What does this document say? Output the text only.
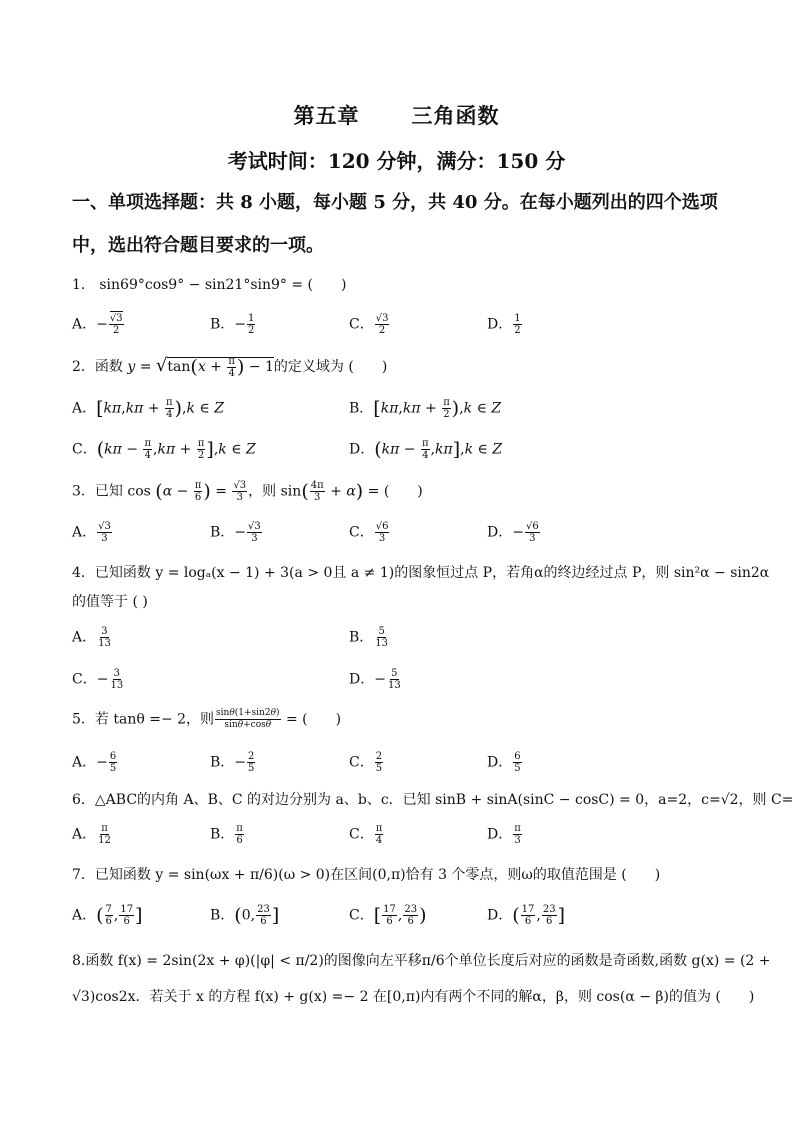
第五章 三角函数
考试时间：120 分钟，满分：150 分
一、单项选择题：共 8 小题，每小题 5 分，共 40 分。在每小题列出的四个选项
中，选出符合题目要求的一项。
1． sin69°cos9° − sin21°sin9° = (　　)
A．− $\frac{√3}{2}$	B．− $\frac{1}{2}$	C． $\frac{√3}{2}$	D． $\frac{1}{2}$
2．函数 $y = √\tan(x + \frac{\pi}{4}$ ) − 1的定义域为 (　　)
A．$[k\pi,k\pi + \frac{\pi}{4} ),k$ ∈ Z	B．$[k\pi,k\pi + \frac{\pi}{2} ),k$ ∈ Z
C．$(k\pi - \frac{\pi}{4} ,k\pi + \frac{\pi}{2} ],k$ ∈ Z	D．$(k\pi - \frac{\pi}{4} ,k\pi],k$ ∈ Z
3．已知 $\cos (\alpha - \frac{\pi}{6}$ ) = $\frac{√3}{3}$ ，则 $\sin( \frac{4\pi}{3} + \alpha)$ = (　　)
A． $\frac{√3}{3}$	B．− $\frac{√3}{3}$	C． $\frac{√6}{3}$	D．− $\frac{√6}{3}$
4．已知函数 y = logₐ(x − 1) + 3(a > 0且 a ≠ 1)的图象恒过点 P，若角α的终边经过点 P，则 sin²α − sin2α
的值等于 ( )
A． $\frac{3}{13}$	B． $\frac{5}{13}$
C．− $\frac{3}{13}$	D．− $\frac{5}{13}$
5．若 tanθ =− 2，则 $\frac{\sin\theta(1+\sin 2\theta)}{\sin\theta+\cos\theta}$ = (　　)
A．− $\frac{6}{5}$	B．− $\frac{2}{5}$	C． $\frac{2}{5}$	D． $\frac{6}{5}$
6．△ABC的内角 A、B、C 的对边分别为 a、b、c．已知 sinB + sinA(sinC − cosC) = 0，a=2，c=√2，则 C=
A． $\frac{\pi}{12}$	B． $\frac{\pi}{6}$	C． $\frac{\pi}{4}$	D． $\frac{\pi}{3}$
7．已知函数 y = sin(ωx + π/6)(ω > 0)在区间(0,π)恰有 3 个零点，则ω的取值范围是 (　　)
A．( $\frac{7}{6}$ , $\frac{17}{6}$ ]	B．(0, $\frac{23}{6}$ ]	C．[ $\frac{17}{6}$ , $\frac{23}{6}$ )	D．( $\frac{17}{6}$ , $\frac{23}{6}$ ]
8.函数 f(x) = 2sin(2x + φ)(|φ| < π/2)的图像向左平移π/6个单位长度后对应的函数是奇函数,函数 g(x) = (2 +
√3)cos2x．若关于 x 的方程 f(x) + g(x) =− 2 在[0,π)内有两个不同的解α，β，则 cos(α − β)的值为 (　　)
